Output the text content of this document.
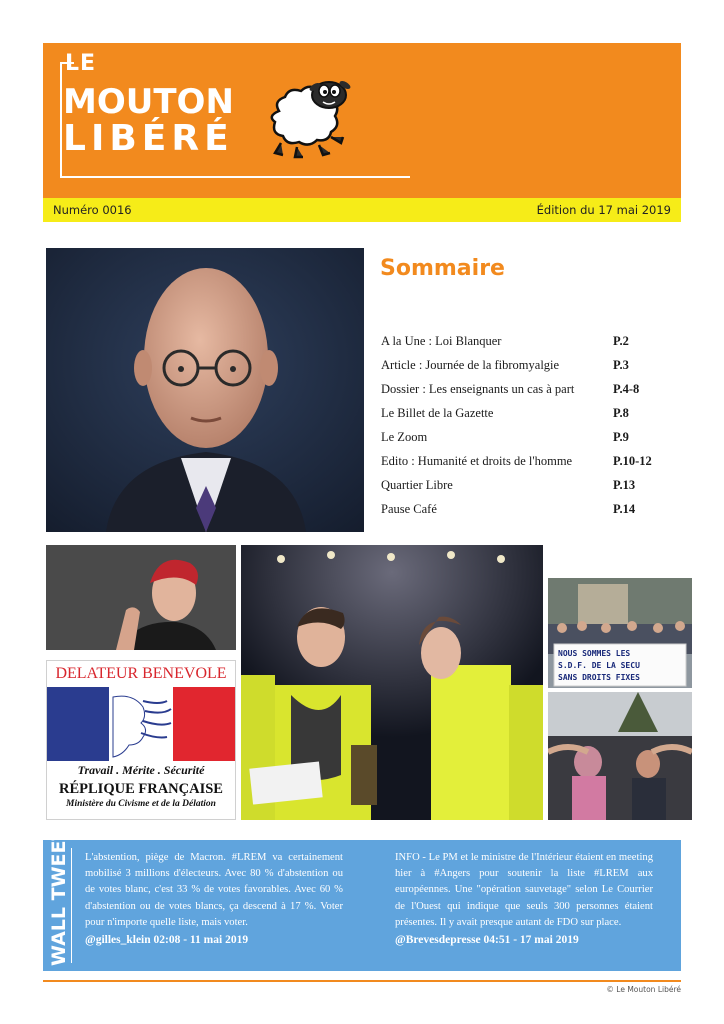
LE
MOUTON
LIBÉRÉ
Numéro 0016	Édition du 17 mai 2019
Sommaire
A la Une : Loi Blanquer	P.2
Article : Journée de la fibromyalgie	P.3
Dossier : Les enseignants un cas à part	P.4-8
Le Billet de la Gazette	P.8
Le Zoom	P.9
Edito : Humanité et droits de l'homme	P.10-12
Quartier Libre	P.13
Pause Café	P.14
DELATEUR BENEVOLE
Travail . Mérite . Sécurité
RÉPLIQUE FRANÇAISE
Ministère du Civisme et de la Délation
NOUS SOMMES LES
S.D.F. DE LA SECU
SANS DROITS FIXES
WALL TWEET L'abstention, piège de Macron. #LREM va certainement mobilisé 3 millions d'électeurs. Avec 80 % d'abstention ou de votes blanc, c'est 33 % de votes favorables. Avec 60 % d'abstention ou de votes blancs, ça descend à 17 %. Voter pour n'importe quelle liste, mais voter.
@gilles_klein 02:08 - 11 mai 2019
INFO - Le PM et le ministre de l'Intérieur étaient en meeting hier à #Angers pour soutenir la liste #LREM aux européennes. Une "opération sauvetage" selon Le Courrier de l'Ouest qui indique que seuls 300 personnes étaient présentes. Il y avait presque autant de FDO sur place.
@Brevesdepresse 04:51 - 17 mai 2019
© Le Mouton Libéré
